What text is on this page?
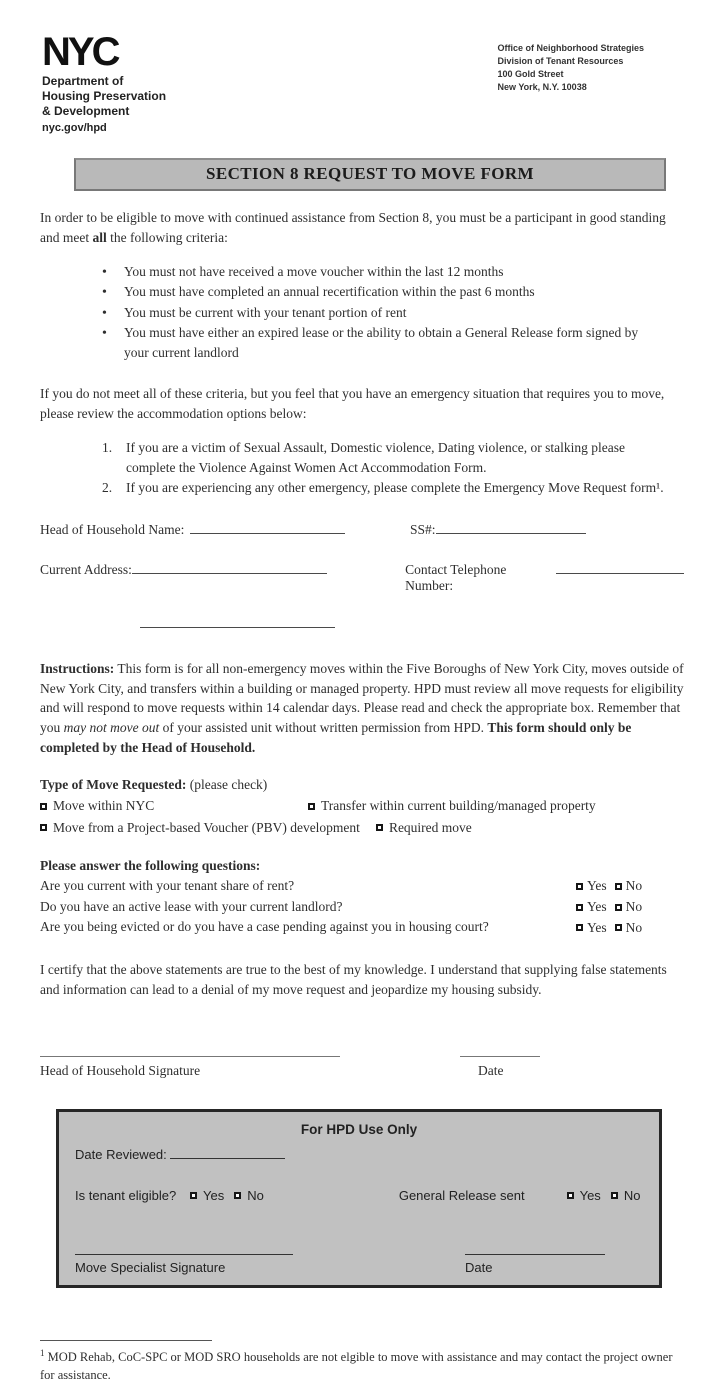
NYC
Department of
Housing Preservation
& Development
nyc.gov/hpd
Office of Neighborhood Strategies
Division of Tenant Resources
100 Gold Street
New York, N.Y. 10038
SECTION 8 REQUEST TO MOVE FORM

In order to be eligible to move with continued assistance from Section 8, you must be a participant in good standing and meet all the following criteria:

• You must not have received a move voucher within the last 12 months
• You must have completed an annual recertification within the past 6 months
• You must be current with your tenant portion of rent
• You must have either an expired lease or the ability to obtain a General Release form signed by your current landlord

If you do not meet all of these criteria, but you feel that you have an emergency situation that requires you to move, please review the accommodation options below:

If you are a victim of Sexual Assault, Domestic violence, Dating violence, or stalking please complete the Violence Against Women Act Accommodation Form.
If you are experiencing any other emergency, please complete the Emergency Move Request form¹.
Head of Household Name:	SS#:
Current Address:	Contact Telephone Number:

Instructions: This form is for all non-emergency moves within the Five Boroughs of New York City, moves outside of New York City, and transfers within a building or managed property. HPD must review all move requests for eligibility and will respond to move requests within 14 calendar days. Please read and check the appropriate box. Remember that you may not move out of your assisted unit without written permission from HPD. This form should only be completed by the Head of Household.

Type of Move Requested: (please check)
Move within NYC	Transfer within current building/managed property
Move from a Project-based Voucher (PBV) development Required move
Please answer the following questions:
Are you current with your tenant share of rent?	Yes No
Do you have an active lease with your current landlord?	Yes No
Are you being evicted or do you have a case pending against you in housing court?	Yes No

I certify that the above statements are true to the best of my knowledge. I understand that supplying false statements and information can lead to a denial of my move request and jeopardize my housing subsidy.

Head of Household Signature	Date
For HPD Use Only
Date Reviewed:
Is tenant eligible?	Yes No	General Release sent	Yes No
Move Specialist Signature	Date
$^1$ MOD Rehab, CoC-SPC or MOD SRO households are not elgible to move with assistance and may contact the project owner for assistance.
